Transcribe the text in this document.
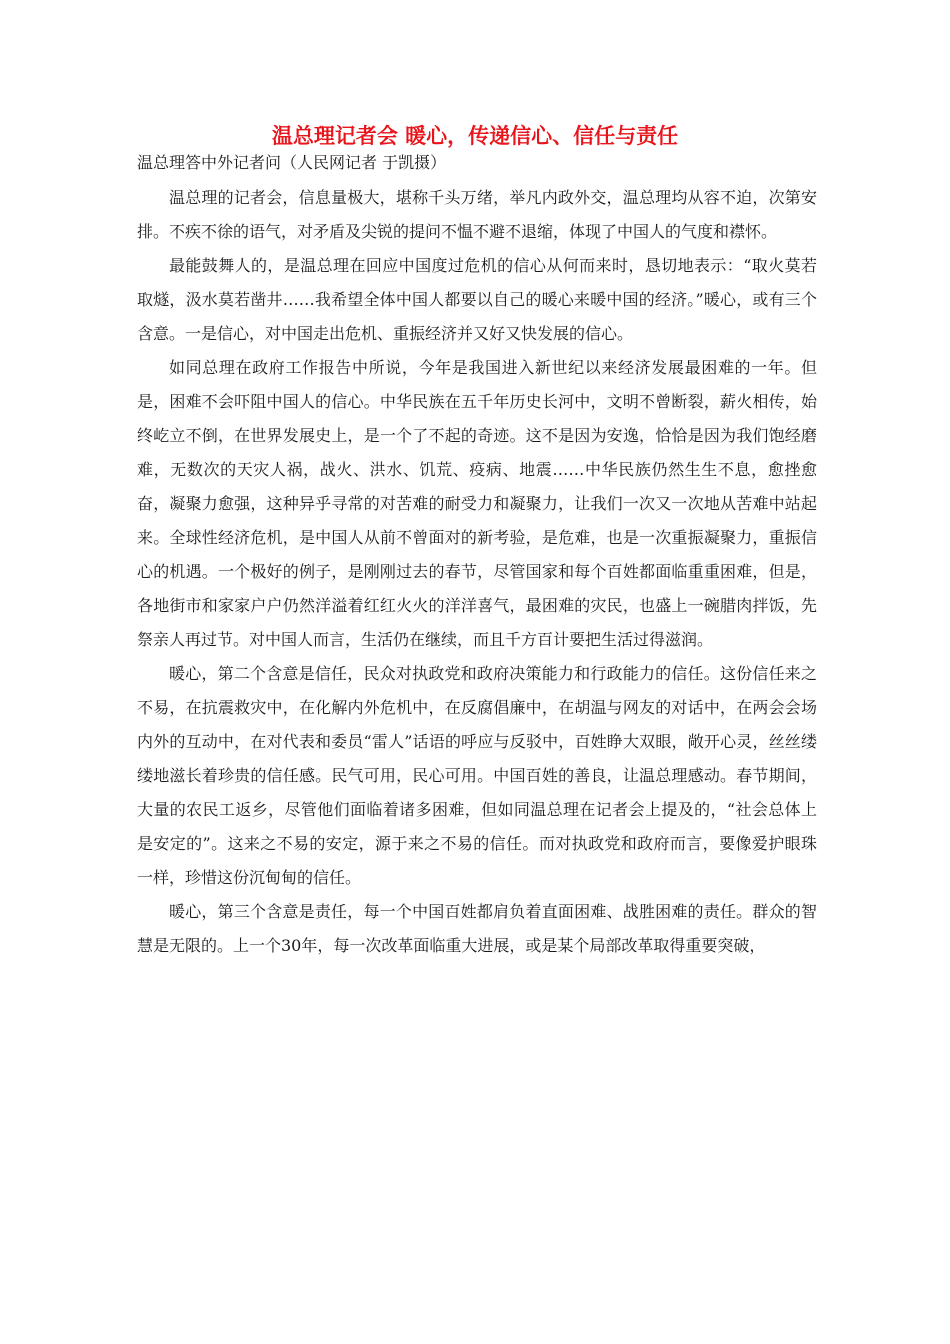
温总理记者会 暖心，传递信心、信任与责任
温总理答中外记者问（人民网记者 于凯摄）

温总理的记者会，信息量极大，堪称千头万绪，举凡内政外交，温总理均从容不迫，次第安排。不疾不徐的语气，对矛盾及尖锐的提问不愠不避不退缩，体现了中国人的气度和襟怀。

最能鼓舞人的，是温总理在回应中国度过危机的信心从何而来时，恳切地表示：“取火莫若取燧，汲水莫若凿井……我希望全体中国人都要以自己的暖心来暖中国的经济。”暖心，或有三个含意。一是信心，对中国走出危机、重振经济并又好又快发展的信心。

如同总理在政府工作报告中所说，今年是我国进入新世纪以来经济发展最困难的一年。但是，困难不会吓阻中国人的信心。中华民族在五千年历史长河中，文明不曾断裂，薪火相传，始终屹立不倒，在世界发展史上，是一个了不起的奇迹。这不是因为安逸，恰恰是因为我们饱经磨难，无数次的天灾人祸，战火、洪水、饥荒、疫病、地震……中华民族仍然生生不息，愈挫愈奋，凝聚力愈强，这种异乎寻常的对苦难的耐受力和凝聚力，让我们一次又一次地从苦难中站起来。全球性经济危机，是中国人从前不曾面对的新考验，是危难，也是一次重振凝聚力，重振信心的机遇。一个极好的例子，是刚刚过去的春节，尽管国家和每个百姓都面临重重困难，但是，各地街市和家家户户仍然洋溢着红红火火的洋洋喜气，最困难的灾民，也盛上一碗腊肉拌饭，先祭亲人再过节。对中国人而言，生活仍在继续，而且千方百计要把生活过得滋润。

暖心，第二个含意是信任，民众对执政党和政府决策能力和行政能力的信任。这份信任来之不易，在抗震救灾中，在化解内外危机中，在反腐倡廉中，在胡温与网友的对话中，在两会会场内外的互动中，在对代表和委员“雷人”话语的呼应与反驳中，百姓睁大双眼，敞开心灵，丝丝缕缕地滋长着珍贵的信任感。民气可用，民心可用。中国百姓的善良，让温总理感动。春节期间，大量的农民工返乡，尽管他们面临着诸多困难，但如同温总理在记者会上提及的，“社会总体上是安定的”。这来之不易的安定，源于来之不易的信任。而对执政党和政府而言，要像爱护眼珠一样，珍惜这份沉甸甸的信任。

暖心，第三个含意是责任，每一个中国百姓都肩负着直面困难、战胜困难的责任。群众的智慧是无限的。上一个30年，每一次改革面临重大进展，或是某个局部改革取得重要突破，
